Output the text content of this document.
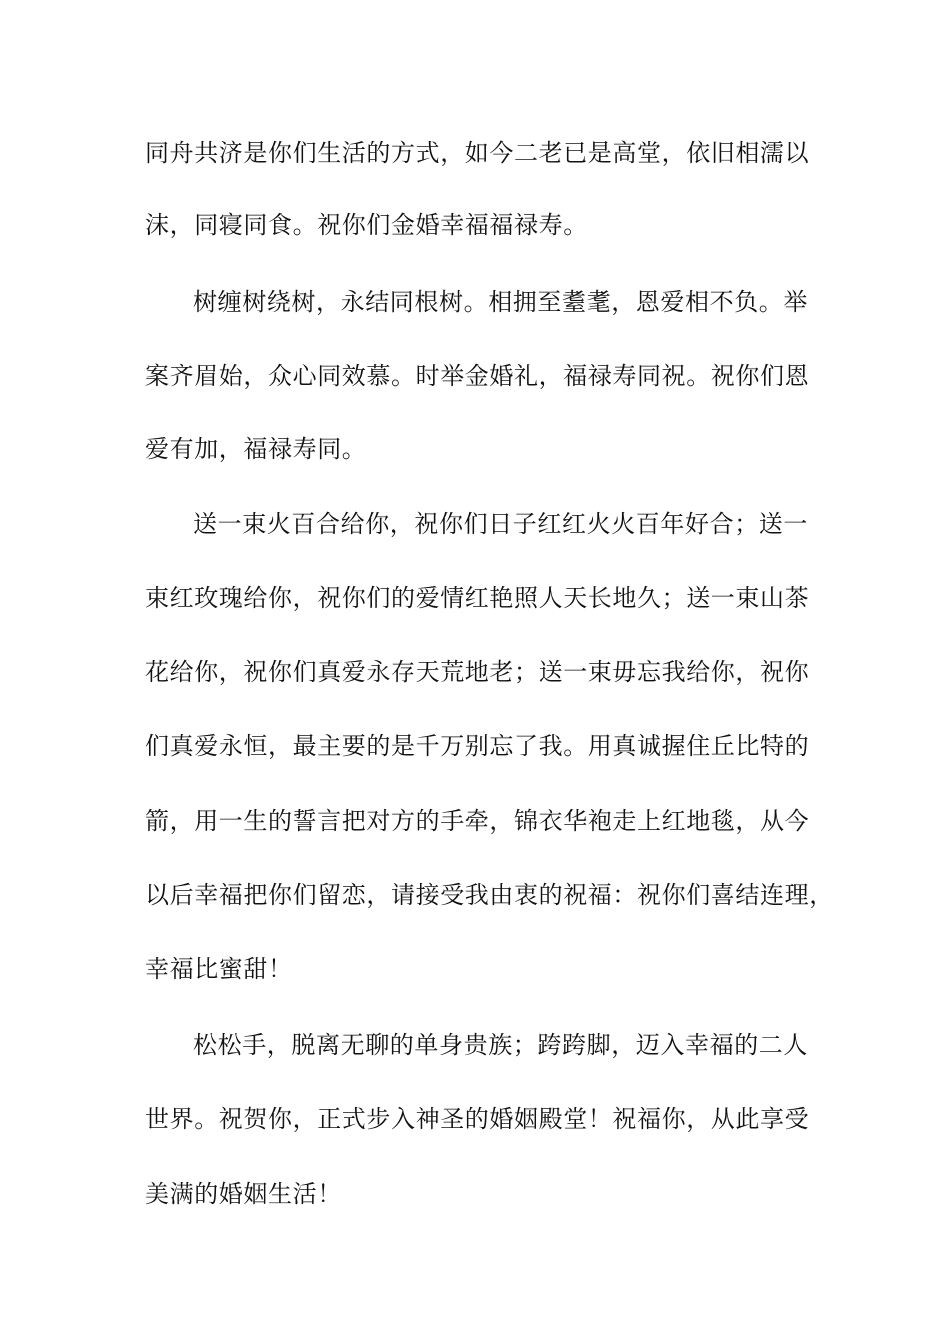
同舟共济是你们生活的方式，如今二老已是高堂，依旧相濡以
沫，同寝同食。祝你们金婚幸福福禄寿。
树缠树绕树，永结同根树。相拥至耋耄，恩爱相不负。举
案齐眉始，众心同效慕。时举金婚礼，福禄寿同祝。祝你们恩
爱有加，福禄寿同。
送一束火百合给你，祝你们日子红红火火百年好合；送一
束红玫瑰给你，祝你们的爱情红艳照人天长地久；送一束山茶
花给你，祝你们真爱永存天荒地老；送一束毋忘我给你，祝你
们真爱永恒，最主要的是千万别忘了我。用真诚握住丘比特的
箭，用一生的誓言把对方的手牵，锦衣华袍走上红地毯，从今
以后幸福把你们留恋，请接受我由衷的祝福：祝你们喜结连理，
幸福比蜜甜！
松松手，脱离无聊的单身贵族；跨跨脚，迈入幸福的二人
世界。祝贺你，正式步入神圣的婚姻殿堂！祝福你，从此享受
美满的婚姻生活！
